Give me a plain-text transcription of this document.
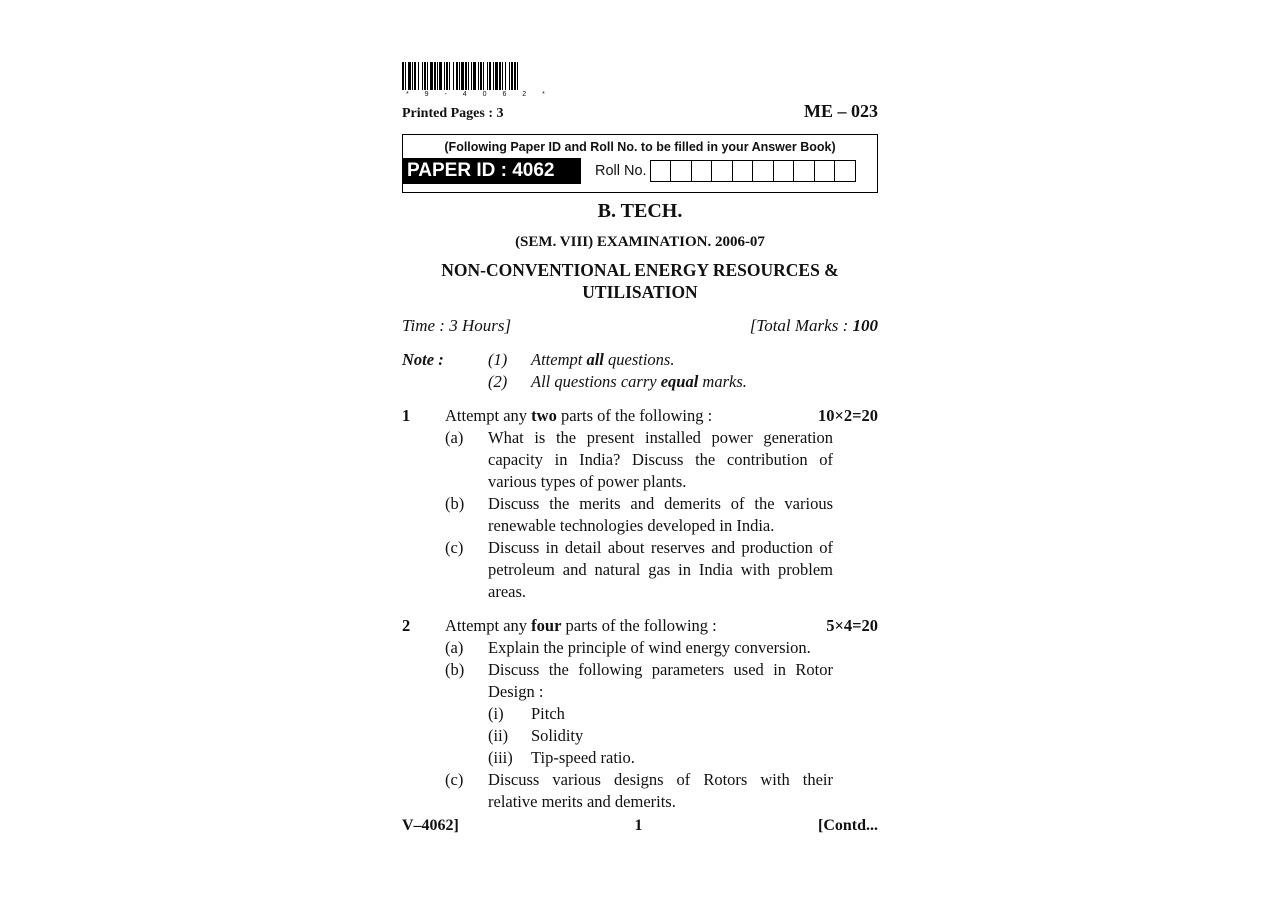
* 9 - 4 0 6 2 *
Printed Pages : 3	ME – 023
(Following Paper ID and Roll No. to be filled in your Answer Book)
PAPER ID : 4062	Roll No.
B. TECH.
(SEM. VIII) EXAMINATION. 2006-07
NON-CONVENTIONAL ENERGY RESOURCES &
UTILISATION
Time : 3 Hours]	[Total Marks : 100
Note :	(1)	Attempt all questions.
(2)	All questions carry equal marks.
1	Attempt any two parts of the following :	10×2=20
(a)	What is the present installed power generation capacity in India? Discuss the contribution of various types of power plants.
(b)	Discuss the merits and demerits of the various renewable technologies developed in India.
(c)	Discuss in detail about reserves and production of petroleum and natural gas in India with problem areas.
2	Attempt any four parts of the following :	5×4=20
(a)	Explain the principle of wind energy conversion.
(b)	Discuss the following parameters used in Rotor Design :
(i)	Pitch
(ii)	Solidity
(iii)	Tip-speed ratio.
(c)	Discuss various designs of Rotors with their relative merits and demerits.
V–4062]	1	[Contd...
